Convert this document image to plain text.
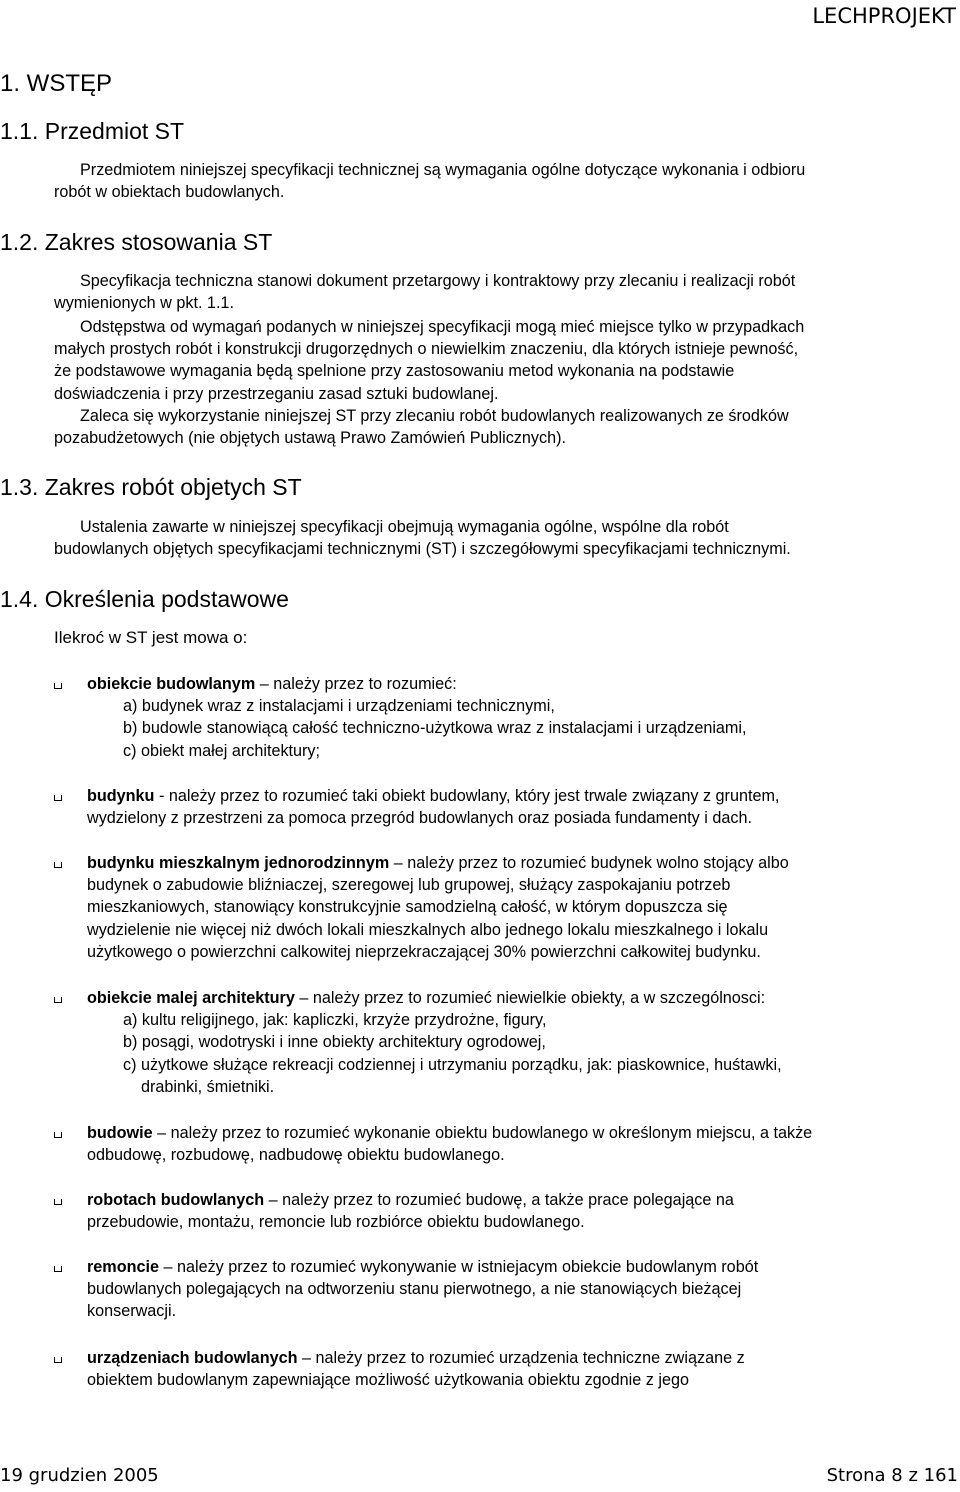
LECHPROJEKT
1. WSTĘP
1.1. Przedmiot ST
Przedmiotem niniejszej specyfikacji technicznej są wymagania ogólne dotyczące wykonania i odbioru
robót w obiektach budowlanych.
1.2. Zakres stosowania ST
Specyfikacja techniczna stanowi dokument przetargowy i kontraktowy przy zlecaniu i realizacji robót
wymienionych w pkt. 1.1.
Odstępstwa od wymagań podanych w niniejszej specyfikacji mogą mieć miejsce tylko w przypadkach
małych prostych robót i konstrukcji drugorzędnych o niewielkim znaczeniu, dla których istnieje pewność,
że podstawowe wymagania będą spelnione przy zastosowaniu metod wykonania na podstawie
doświadczenia i przy przestrzeganiu zasad sztuki budowlanej.
Zaleca się wykorzystanie niniejszej ST przy zlecaniu robót budowlanych realizowanych ze środków
pozabudżetowych (nie objętych ustawą Prawo Zamówień Publicznych).
1.3. Zakres robót objetych ST
Ustalenia zawarte w niniejszej specyfikacji obejmują wymagania ogólne, wspólne dla robót
budowlanych objętych specyfikacjami technicznymi (ST) i szczegółowymi specyfikacjami technicznymi.
1.4. Określenia podstawowe
Ilekroć w ST jest mowa o:
obiekcie budowlanym – należy przez to rozumieć:
a) budynek wraz z instalacjami i urządzeniami technicznymi,
b) budowle stanowiącą całość techniczno-użytkowa wraz z instalacjami i urządzeniami,
c) obiekt małej architektury;
budynku - należy przez to rozumieć taki obiekt budowlany, który jest trwale związany z gruntem,
wydzielony z przestrzeni za pomoca przegród budowlanych oraz posiada fundamenty i dach.
budynku mieszkalnym jednorodzinnym – należy przez to rozumieć budynek wolno stojący albo
budynek o zabudowie bliźniaczej, szeregowej lub grupowej, służący zaspokajaniu potrzeb
mieszkaniowych, stanowiący konstrukcyjnie samodzielną całość, w którym dopuszcza się
wydzielenie nie więcej niż dwóch lokali mieszkalnych albo jednego lokalu mieszkalnego i lokalu
użytkowego o powierzchni calkowitej nieprzekraczającej 30% powierzchni całkowitej budynku.
obiekcie malej architektury – należy przez to rozumieć niewielkie obiekty, a w szczególnosci:
a) kultu religijnego, jak: kapliczki, krzyże przydrożne, figury,
b) posągi, wodotryski i inne obiekty architektury ogrodowej,
c) użytkowe służące rekreacji codziennej i utrzymaniu porządku, jak: piaskownice, huśtawki,
drabinki, śmietniki.
budowie – należy przez to rozumieć wykonanie obiektu budowlanego w określonym miejscu, a także
odbudowę, rozbudowę, nadbudowę obiektu budowlanego.
robotach budowlanych – należy przez to rozumieć budowę, a także prace polegające na
przebudowie, montażu, remoncie lub rozbiórce obiektu budowlanego.
remoncie – należy przez to rozumieć wykonywanie w istniejacym obiekcie budowlanym robót
budowlanych polegających na odtworzeniu stanu pierwotnego, a nie stanowiących bieżącej
konserwacji.
urządzeniach budowlanych – należy przez to rozumieć urządzenia techniczne związane z
obiektem budowlanym zapewniające możliwość użytkowania obiektu zgodnie z jego
19 grudzien 2005	Strona 8 z 161
